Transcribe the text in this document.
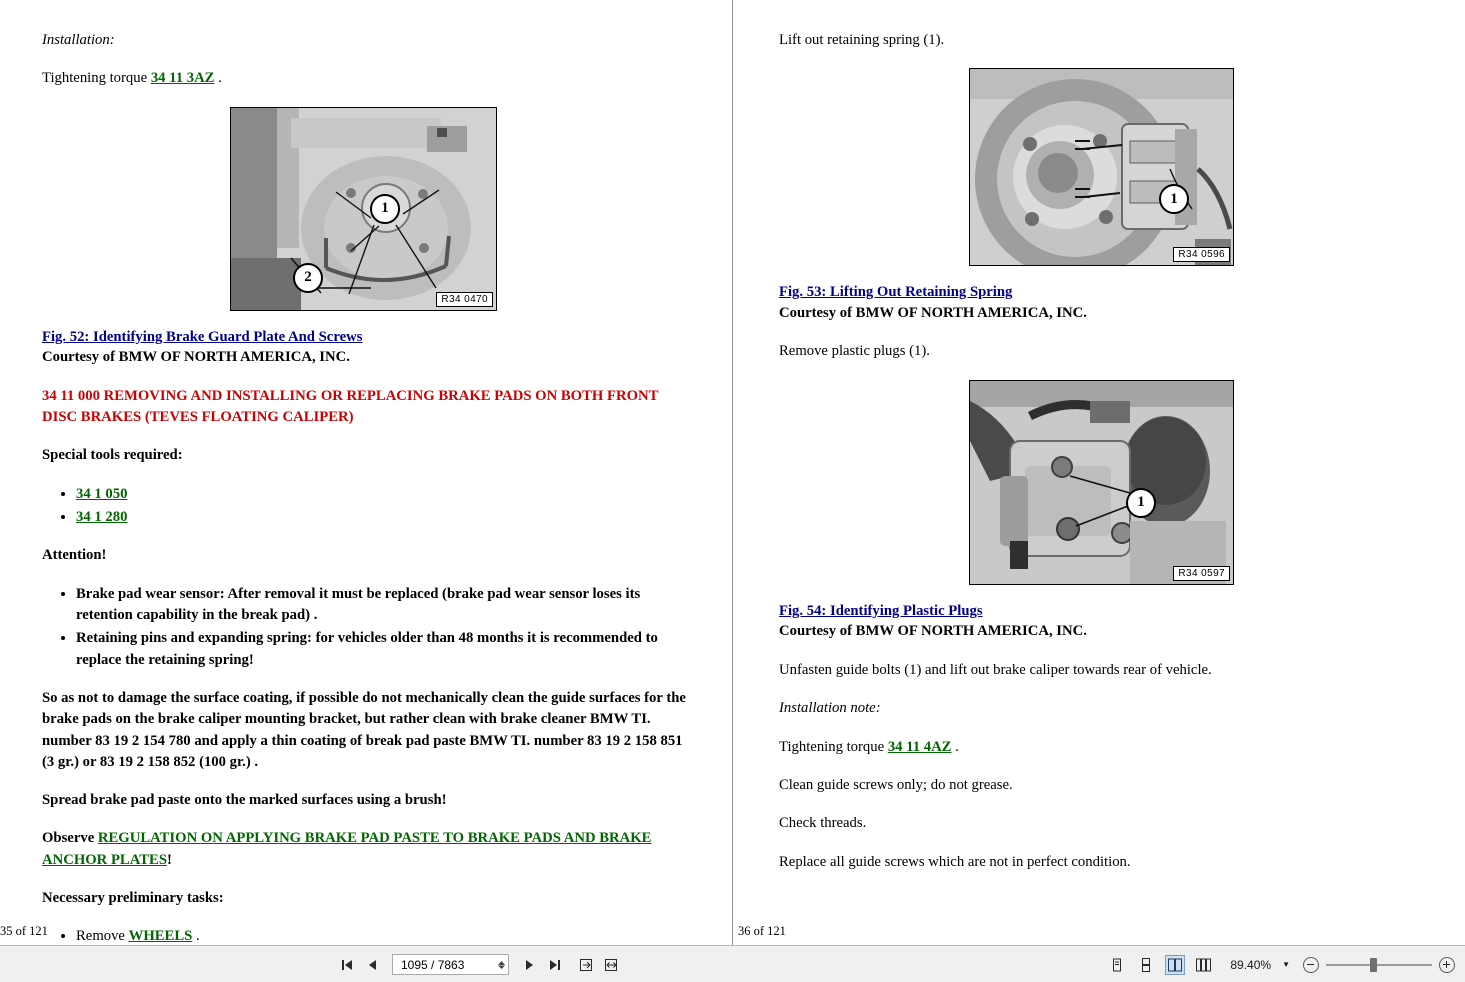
Installation:

Tightening torque 34 11 3AZ .

2
1
R34 0470
Fig. 52: Identifying Brake Guard Plate And Screws
Courtesy of BMW OF NORTH AMERICA, INC.

34 11 000 REMOVING AND INSTALLING OR REPLACING BRAKE PADS ON BOTH FRONT DISC BRAKES (TEVES FLOATING CALIPER)

Special tools required:

• 34 1 050
• 34 1 280

Attention!

• Brake pad wear sensor: After removal it must be replaced (brake pad wear sensor loses its retention capability in the break pad) .
• Retaining pins and expanding spring: for vehicles older than 48 months it is recommended to replace the retaining spring!

So as not to damage the surface coating, if possible do not mechanically clean the guide surfaces for the brake pads on the brake caliper mounting bracket, but rather clean with brake cleaner BMW TI. number 83 19 2 154 780 and apply a thin coating of break pad paste BMW TI. number 83 19 2 158 851 (3 gr.) or 83 19 2 158 852 (100 gr.) .

Spread brake pad paste onto the marked surfaces using a brush!

Observe REGULATION ON APPLYING BRAKE PAD PASTE TO BRAKE PADS AND BRAKE ANCHOR PLATES!

Necessary preliminary tasks:

• Remove WHEELS .
•
35 of 121

Lift out retaining spring (1).

1
R34 0596
Fig. 53: Lifting Out Retaining Spring
Courtesy of BMW OF NORTH AMERICA, INC.

Remove plastic plugs (1).

1
R34 0597
Fig. 54: Identifying Plastic Plugs
Courtesy of BMW OF NORTH AMERICA, INC.

Unfasten guide bolts (1) and lift out brake caliper towards rear of vehicle.

Installation note:

Tightening torque 34 11 4AZ .

Clean guide screws only; do not grease.

Check threads.

Replace all guide screws which are not in perfect condition.

36 of 121
1095 / 7863
89.40% ▼
